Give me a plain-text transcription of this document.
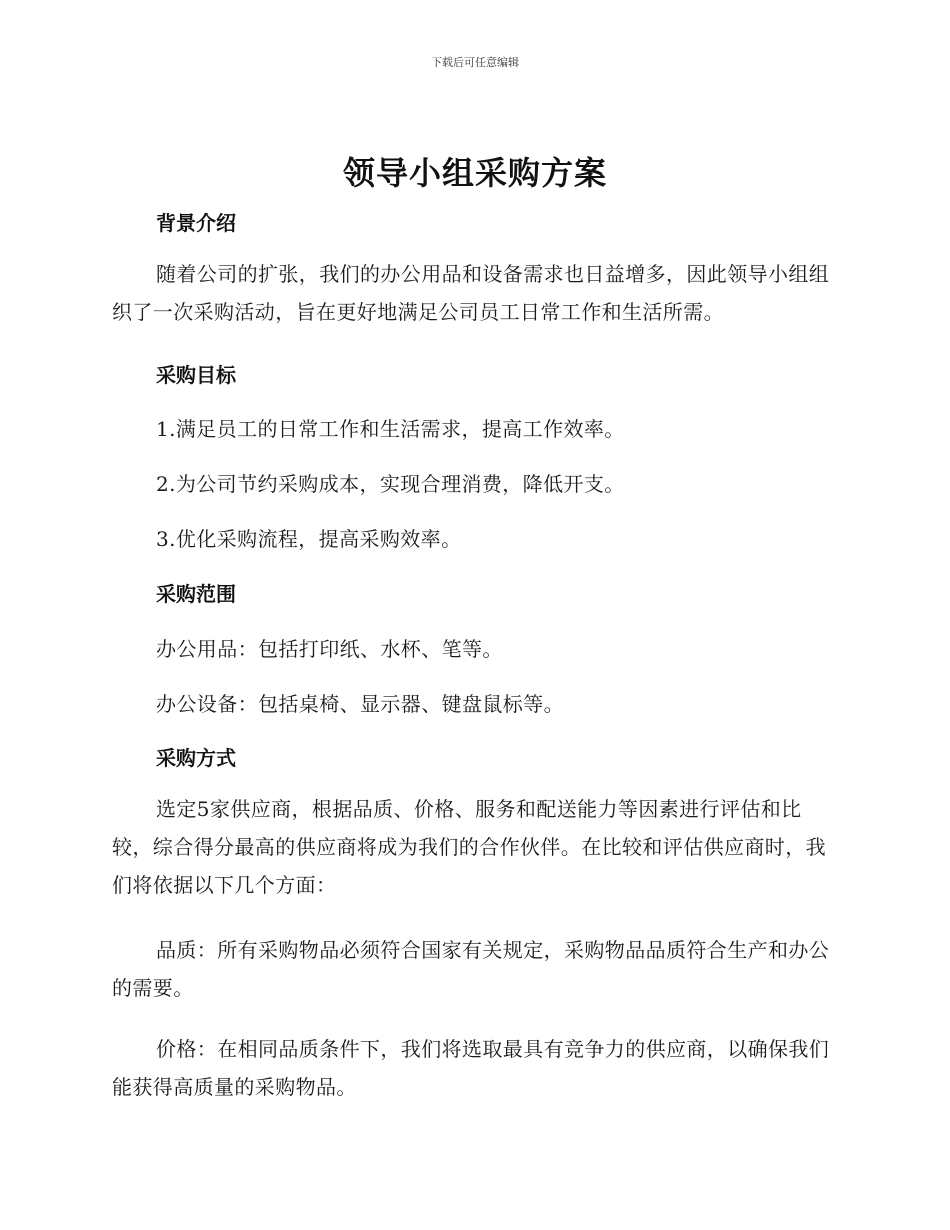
下载后可任意编辑
领导小组采购方案
背景介绍
随着公司的扩张，我们的办公用品和设备需求也日益增多，因此领导小组组织了一次采购活动，旨在更好地满足公司员工日常工作和生活所需。
采购目标
1.满足员工的日常工作和生活需求，提高工作效率。
2.为公司节约采购成本，实现合理消费，降低开支。
3.优化采购流程，提高采购效率。
采购范围
办公用品：包括打印纸、水杯、笔等。
办公设备：包括桌椅、显示器、键盘鼠标等。
采购方式
选定5家供应商，根据品质、价格、服务和配送能力等因素进行评估和比较，综合得分最高的供应商将成为我们的合作伙伴。在比较和评估供应商时，我们将依据以下几个方面：
品质：所有采购物品必须符合国家有关规定，采购物品品质符合生产和办公的需要。
价格：在相同品质条件下，我们将选取最具有竞争力的供应商，以确保我们能获得高质量的采购物品。
